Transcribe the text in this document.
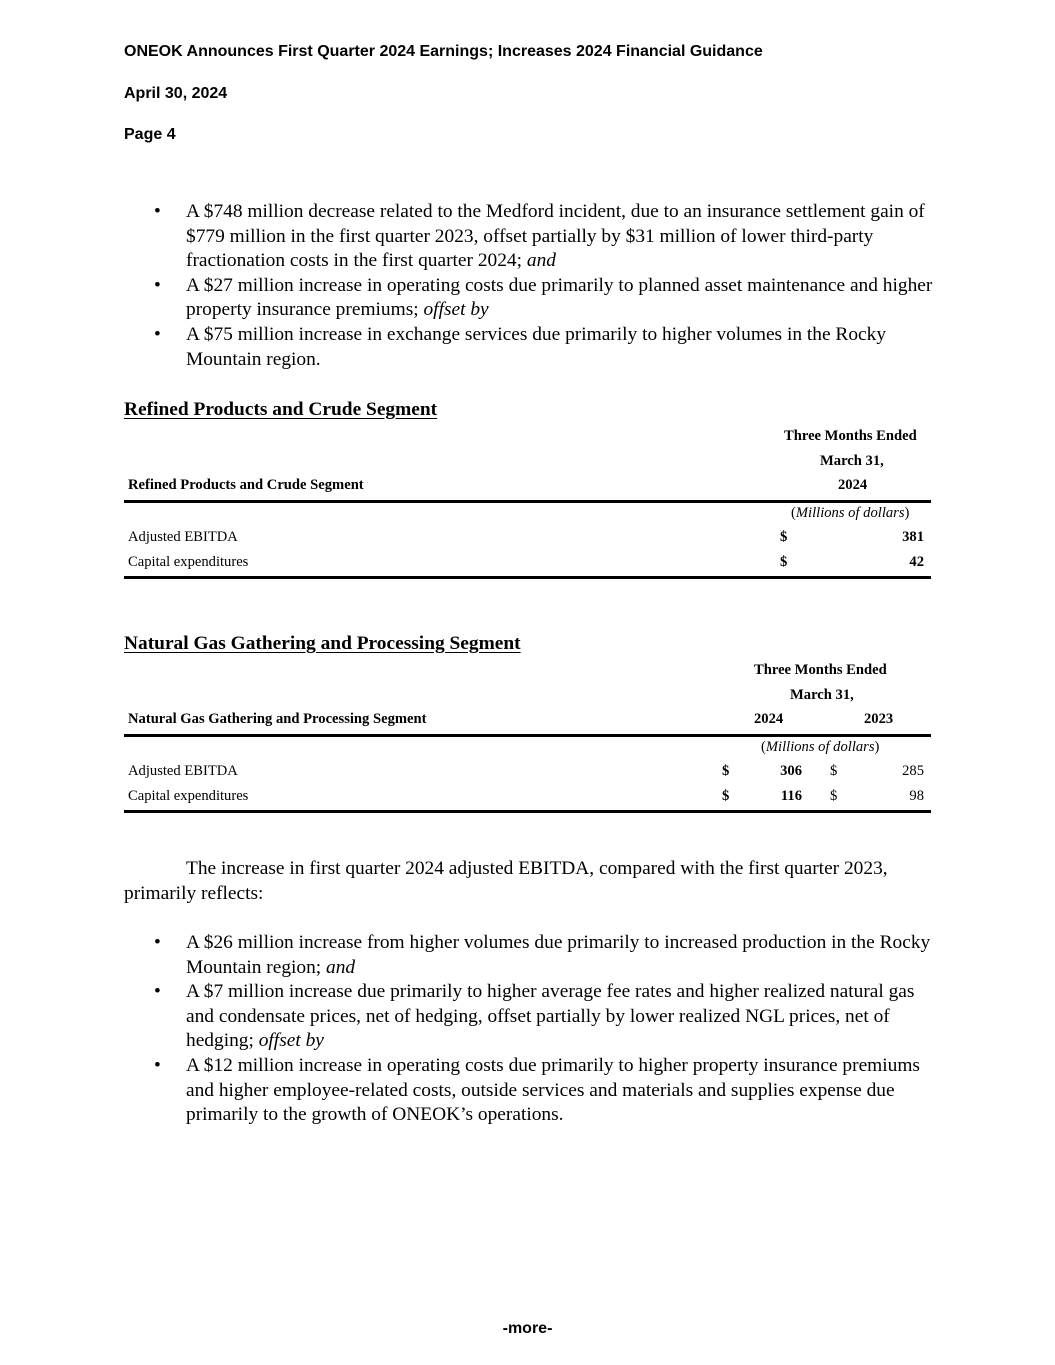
ONEOK Announces First Quarter 2024 Earnings; Increases 2024 Financial Guidance

April 30, 2024

Page 4

• A $748 million decrease related to the Medford incident, due to an insurance settlement gain of $779 million in the first quarter 2023, offset partially by $31 million of lower third-party fractionation costs in the first quarter 2024; and
• A $27 million increase in operating costs due primarily to planned asset maintenance and higher property insurance premiums; offset by
• A $75 million increase in exchange services due primarily to higher volumes in the Rocky Mountain region.

Refined Products and Crude Segment

Three Months Ended
March 31,
Refined Products and Crude Segment	2024
(Millions of dollars)
Adjusted EBITDA	$	381
Capital expenditures	$	42

Natural Gas Gathering and Processing Segment

Three Months Ended
March 31,
Natural Gas Gathering and Processing Segment	2024	2023
(Millions of dollars)
Adjusted EBITDA	$	306 $	285
Capital expenditures	$	116 $	98

The increase in first quarter 2024 adjusted EBITDA, compared with the first quarter 2023, primarily reflects:

• A $26 million increase from higher volumes due primarily to increased production in the Rocky Mountain region; and
• A $7 million increase due primarily to higher average fee rates and higher realized natural gas and condensate prices, net of hedging, offset partially by lower realized NGL prices, net of hedging; offset by
• A $12 million increase in operating costs due primarily to higher property insurance premiums and higher employee-related costs, outside services and materials and supplies expense due primarily to the growth of ONEOK’s operations.
-more-
